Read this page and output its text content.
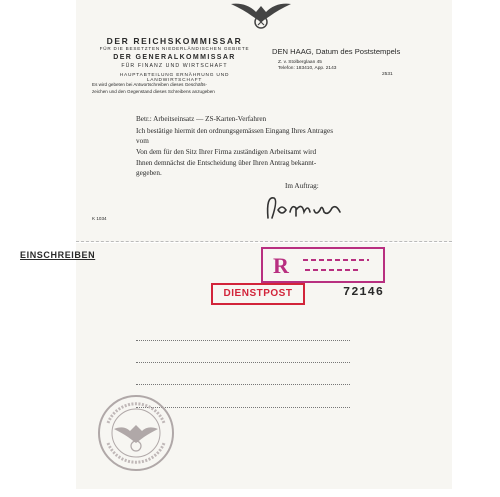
DER REICHSKOMMISSAR
FÜR DIE BESETZTEN NIEDERLÄNDISCHEN GEBIETE
DER GENERALKOMMISSAR
FÜR FINANZ UND WIRTSCHAFT
HAUPTABTEILUNG ERNÄHRUNG UND LANDWIRTSCHAFT
Es wird gebeten bei Antwortschreiben dieses Geschäfts-
zeichen und den Gegenstand dieses Schreibens anzugeben
DEN HAAG, Datum des Poststempels
Z. v. Stolberglaan 45
Telefon: 183410, App. 2143
2531
Betr.: Arbeitseinsatz — ZS-Karten-Verfahren
Ich bestätige hiermit den ordnungsgemässen Eingang Ihres Antrages
vom
Von dem für den Sitz Ihrer Firma zuständigen Arbeitsamt wird
Ihnen demnächst die Entscheidung über Ihren Antrag bekannt-
gegeben.
Im Auftrag:
K 1034
EINSCHREIBEN	R
DIENSTPOST	72146
